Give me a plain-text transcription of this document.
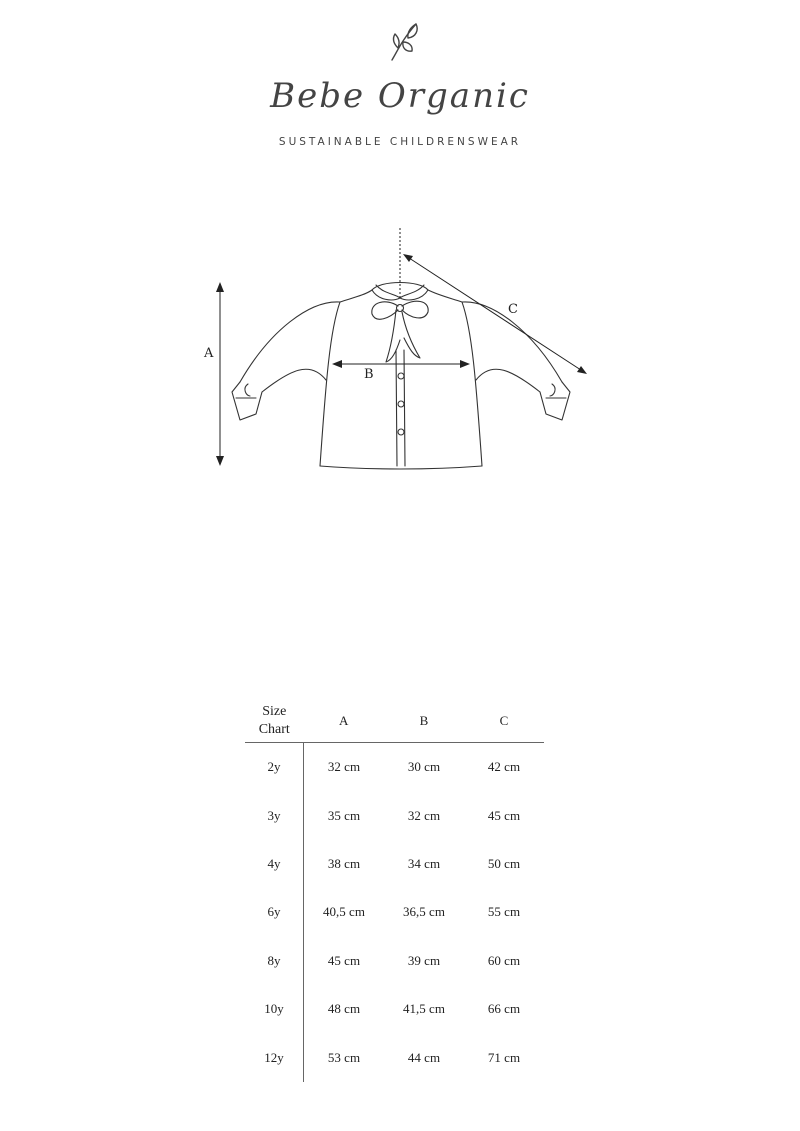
Bebe Organic
SUSTAINABLE CHILDRENSWEAR
A
B
C
Size
Chart	A	B	C
2y	32 cm	30 cm	42 cm
3y	35 cm	32 cm	45 cm
4y	38 cm	34 cm	50 cm
6y	40,5 cm	36,5 cm	55 cm
8y	45 cm	39 cm	60 cm
10y	48 cm	41,5 cm	66 cm
12y	53 cm	44 cm	71 cm
